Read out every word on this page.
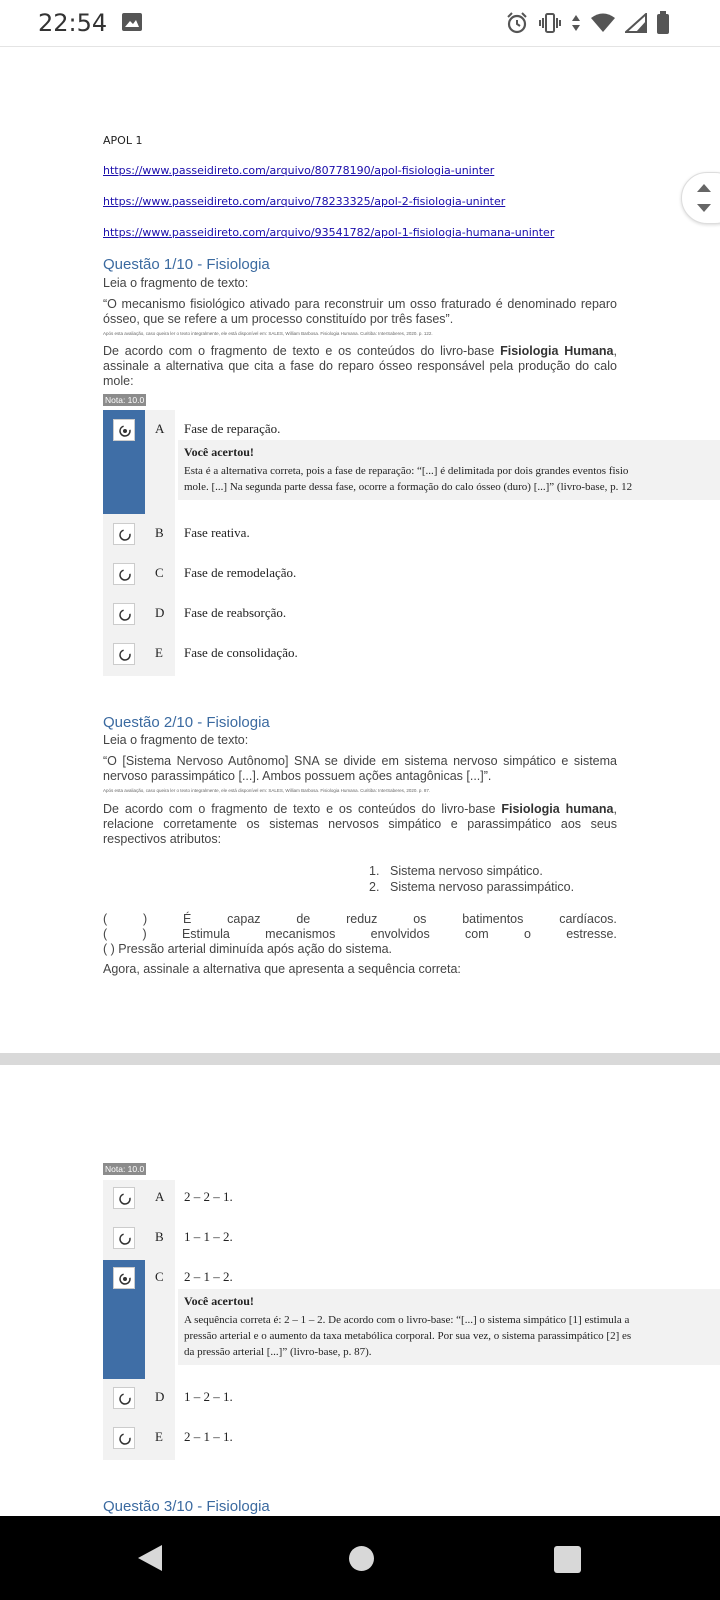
22:54
APOL 1
https://www.passeidireto.com/arquivo/80778190/apol-fisiologia-uninter
https://www.passeidireto.com/arquivo/78233325/apol-2-fisiologia-uninter
https://www.passeidireto.com/arquivo/93541782/apol-1-fisiologia-humana-uninter
Questão 1/10 - Fisiologia
Leia o fragmento de texto:
“O mecanismo fisiológico ativado para reconstruir um osso fraturado é denominado reparo ósseo, que se refere a um processo constituído por três fases”.
Após esta avaliação, caso queira ler o texto integralmente, ele está disponível em: SALES, William Barbosa. Fisiologia Humana. Curitiba: InterSaberes, 2020. p. 122.
De acordo com o fragmento de texto e os conteúdos do livro-base Fisiologia Humana, assinale a alternativa que cita a fase do reparo ósseo responsável pela produção do calo mole:
Nota: 10.0
A Fase de reparação.
Você acertou!
Esta é a alternativa correta, pois a fase de reparação: “[...] é delimitada por dois grandes eventos fisio
mole. [...] Na segunda parte dessa fase, ocorre a formação do calo ósseo (duro) [...]” (livro-base, p. 12
B Fase reativa.
C Fase de remodelação.
D Fase de reabsorção.
E Fase de consolidação.
Questão 2/10 - Fisiologia
Leia o fragmento de texto:
“O [Sistema Nervoso Autônomo] SNA se divide em sistema nervoso simpático e sistema nervoso parassimpático [...]. Ambos possuem ações antagônicas [...]”.
Após esta avaliação, caso queira ler o texto integralmente, ele está disponível em: SALES, William Barbosa. Fisiologia Humana. Curitiba: InterSaberes, 2020. p. 87.
De acordo com o fragmento de texto e os conteúdos do livro-base Fisiologia humana, relacione corretamente os sistemas nervosos simpático e parassimpático aos seus respectivos atributos:
1. Sistema nervoso simpático.
2. Sistema nervoso parassimpático.
(	)	É	capaz	de	reduz	os	batimentos	cardíacos.
(	)	Estimula	mecanismos	envolvidos	com	o	estresse.
( ) Pressão arterial diminuída após ação do sistema.
Agora, assinale a alternativa que apresenta a sequência correta:
Nota: 10.0
A 2 – 2 – 1.
B 1 – 1 – 2.
C 2 – 1 – 2.
Você acertou!
A sequência correta é: 2 – 1 – 2. De acordo com o livro-base: “[...] o sistema simpático [1] estimula a
pressão arterial e o aumento da taxa metabólica corporal. Por sua vez, o sistema parassimpático [2] es
da pressão arterial [...]” (livro-base, p. 87).
D 1 – 2 – 1.
E 2 – 1 – 1.
Questão 3/10 - Fisiologia
